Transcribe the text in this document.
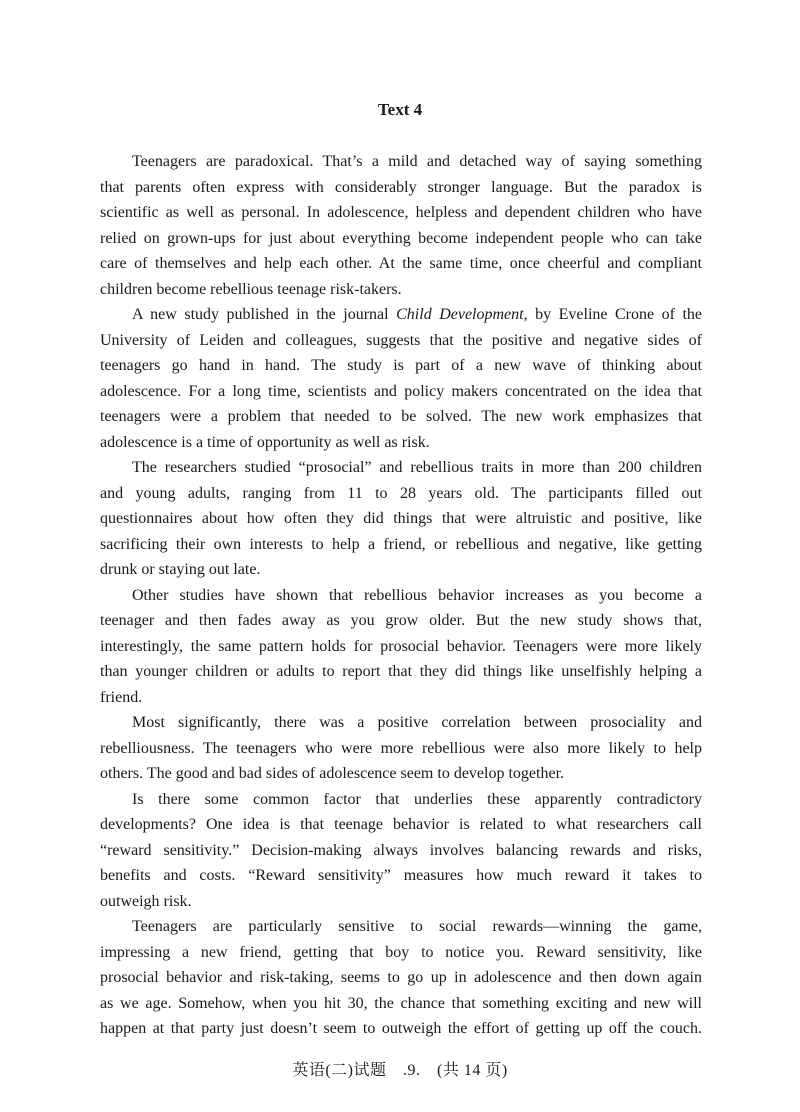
Text 4
Teenagers are paradoxical. That’s a mild and detached way of saying something
that parents often express with considerably stronger language. But the paradox is
scientific as well as personal. In adolescence, helpless and dependent children who have
relied on grown-ups for just about everything become independent people who can take
care of themselves and help each other. At the same time, once cheerful and compliant
children become rebellious teenage risk-takers.
A new study published in the journal Child Development, by Eveline Crone of the
University of Leiden and colleagues, suggests that the positive and negative sides of
teenagers go hand in hand. The study is part of a new wave of thinking about
adolescence. For a long time, scientists and policy makers concentrated on the idea that
teenagers were a problem that needed to be solved. The new work emphasizes that
adolescence is a time of opportunity as well as risk.
The researchers studied “prosocial” and rebellious traits in more than 200 children
and young adults, ranging from 11 to 28 years old. The participants filled out
questionnaires about how often they did things that were altruistic and positive, like
sacrificing their own interests to help a friend, or rebellious and negative, like getting
drunk or staying out late.
Other studies have shown that rebellious behavior increases as you become a
teenager and then fades away as you grow older. But the new study shows that,
interestingly, the same pattern holds for prosocial behavior. Teenagers were more likely
than younger children or adults to report that they did things like unselfishly helping a
friend.
Most significantly, there was a positive correlation between prosociality and
rebelliousness. The teenagers who were more rebellious were also more likely to help
others. The good and bad sides of adolescence seem to develop together.
Is there some common factor that underlies these apparently contradictory
developments? One idea is that teenage behavior is related to what researchers call
“reward sensitivity.” Decision-making always involves balancing rewards and risks,
benefits and costs. “Reward sensitivity” measures how much reward it takes to
outweigh risk.
Teenagers are particularly sensitive to social rewards—winning the game,
impressing a new friend, getting that boy to notice you. Reward sensitivity, like
prosocial behavior and risk-taking, seems to go up in adolescence and then down again
as we age. Somehow, when you hit 30, the chance that something exciting and new will
happen at that party just doesn’t seem to outweigh the effort of getting up off the couch.
英语(二)试题　.9.　(共 14 页)
